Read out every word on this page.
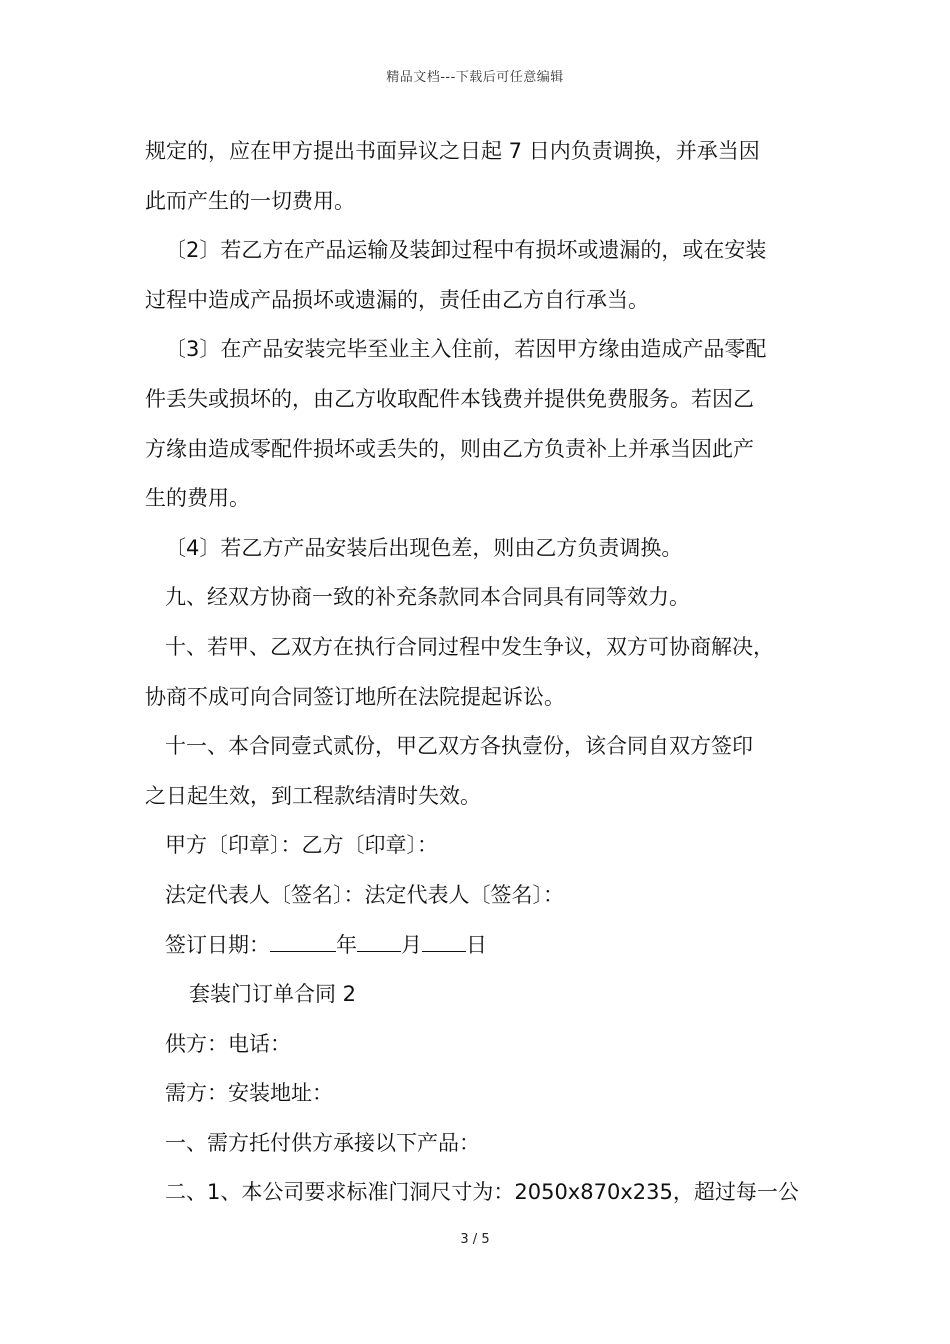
精品文档---下载后可任意编辑
规定的，应在甲方提出书面异议之日起 7 日内负责调换，并承当因
此而产生的一切费用。
〔2〕若乙方在产品运输及装卸过程中有损坏或遗漏的，或在安装
过程中造成产品损坏或遗漏的，责任由乙方自行承当。
〔3〕在产品安装完毕至业主入住前，若因甲方缘由造成产品零配
件丢失或损坏的，由乙方收取配件本钱费并提供免费服务。若因乙
方缘由造成零配件损坏或丢失的，则由乙方负责补上并承当因此产
生的费用。
〔4〕若乙方产品安装后出现色差，则由乙方负责调换。
九、经双方协商一致的补充条款同本合同具有同等效力。
十、若甲、乙双方在执行合同过程中发生争议，双方可协商解决，
协商不成可向合同签订地所在法院提起诉讼。
十一、本合同壹式贰份，甲乙双方各执壹份，该合同自双方签印
之日起生效，到工程款结清时失效。
甲方〔印章〕：乙方〔印章〕：
法定代表人〔签名〕：法定代表人〔签名〕：
签订日期：	年 月 日
套装门订单合同 2
供方：电话：
需方：安装地址：
一、需方托付供方承接以下产品：
二、1、本公司要求标准门洞尺寸为：2050x870x235，超过每一公
3 / 5
